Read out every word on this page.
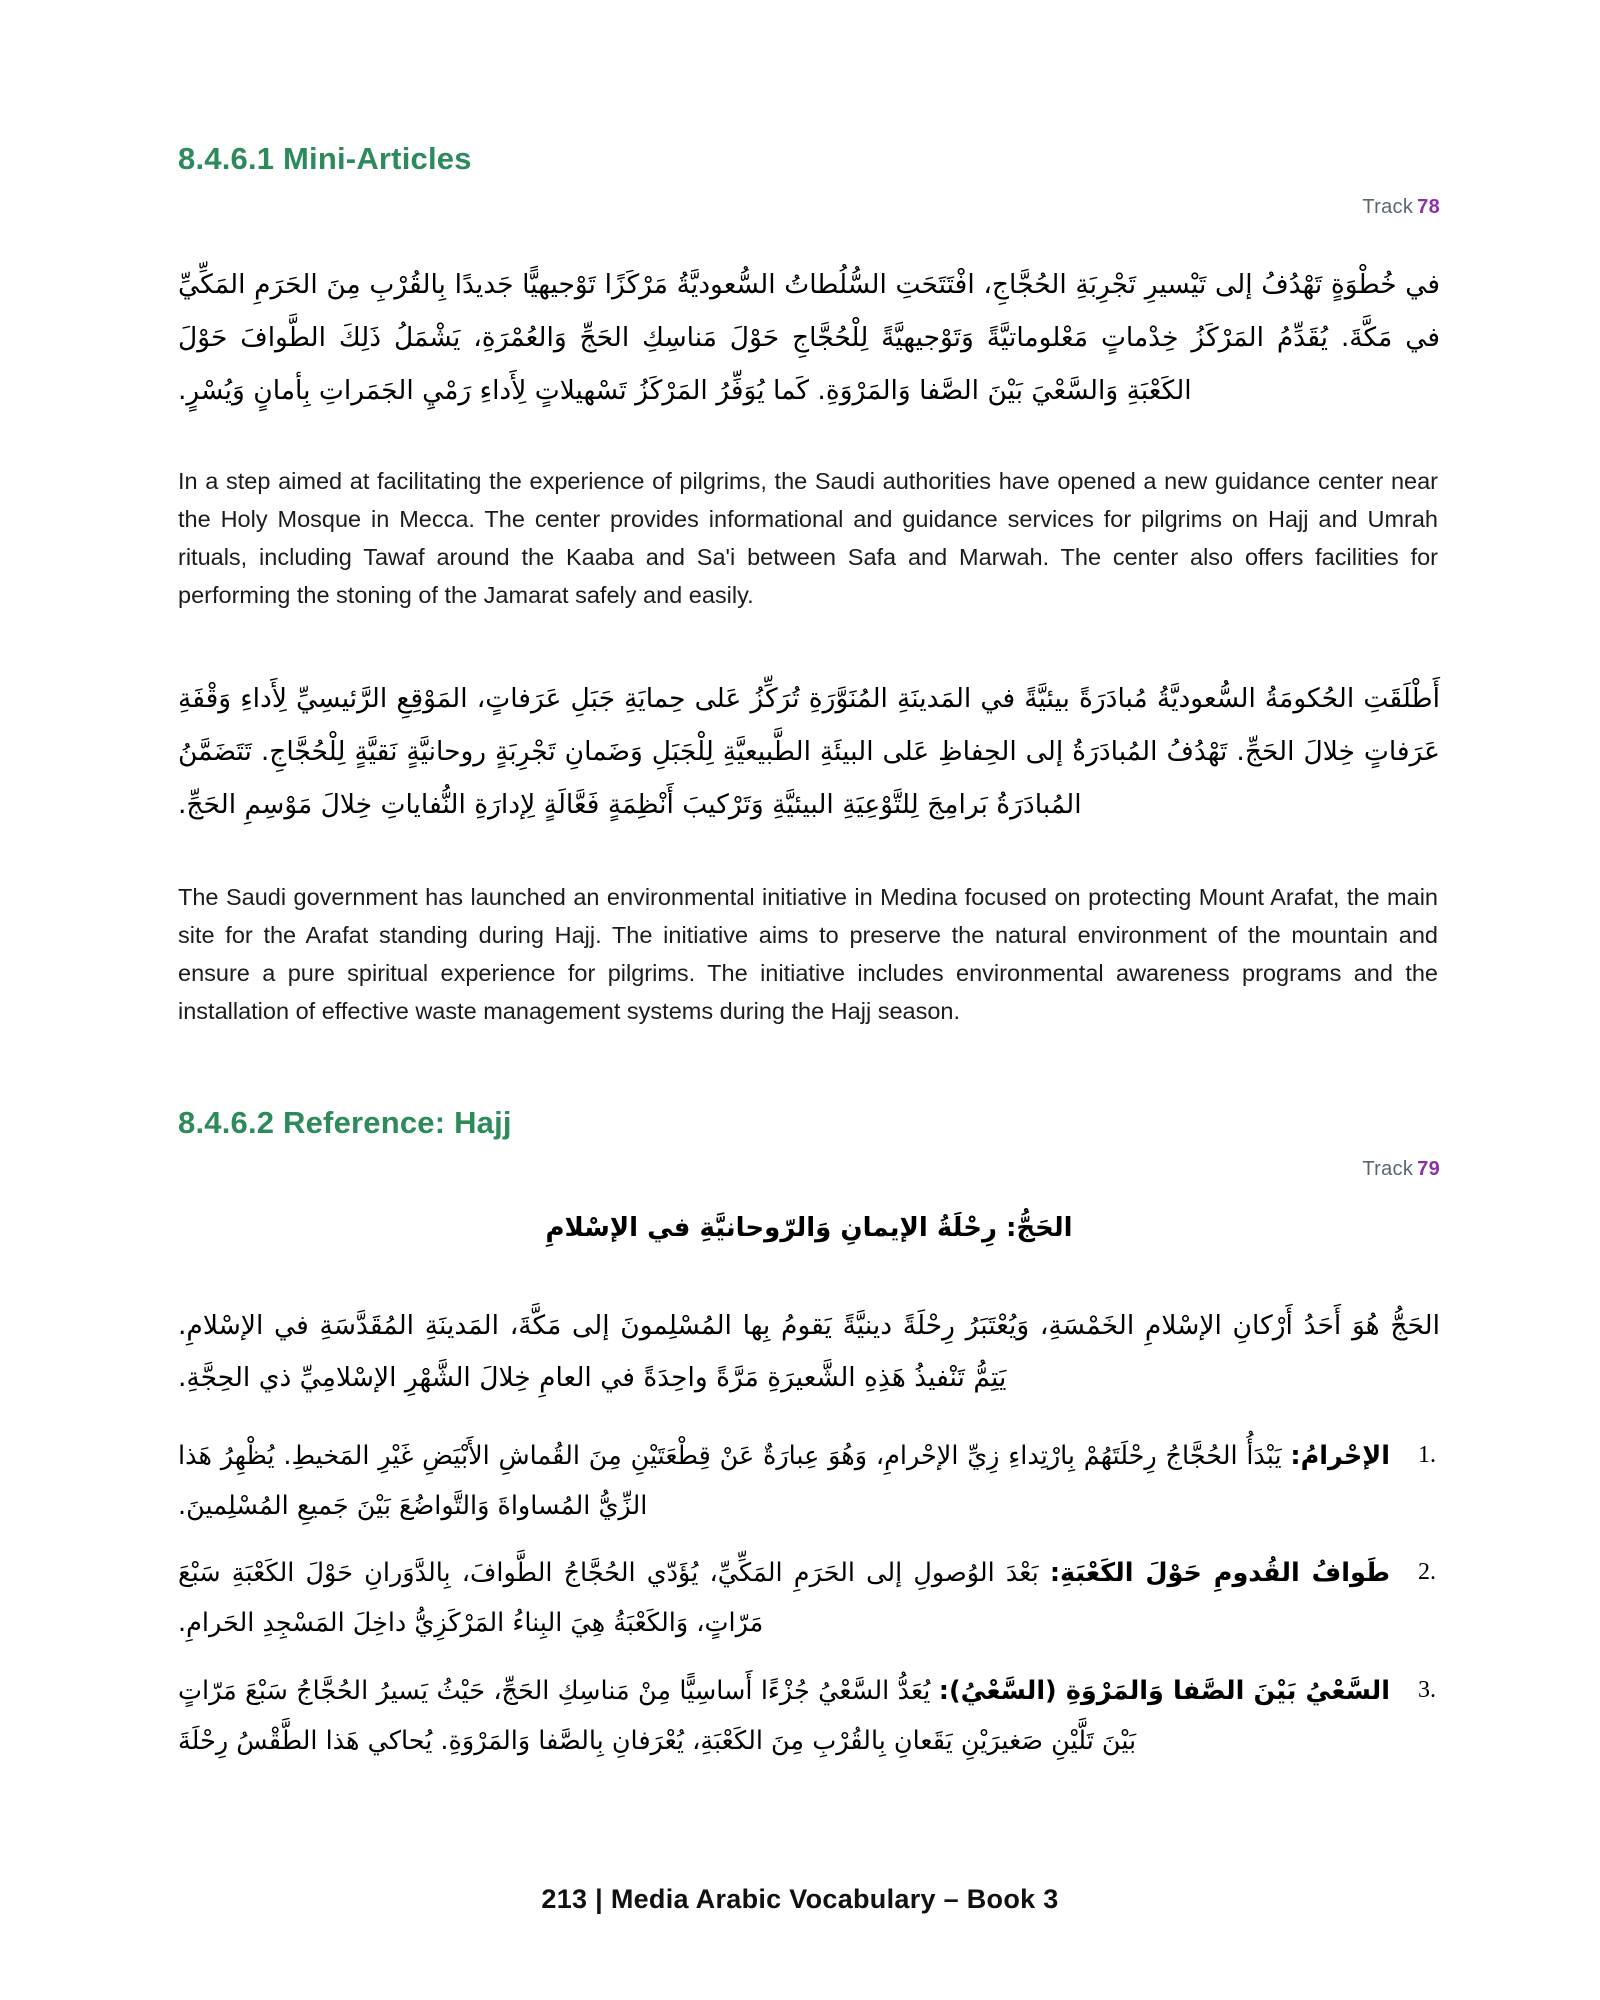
8.4.6.1 Mini-Articles

Track 78

في خُطْوَةٍ تَهْدُفُ إلى تَيْسيرِ تَجْرِبَةِ الحُجَّاجِ، افْتَتَحَتِ السُّلُطاتُ السُّعوديَّةُ مَرْكَزًا تَوْجيهيًّا جَديدًا بِالقُرْبِ مِنَ الحَرَمِ المَكِّيِّ في مَكَّةَ. يُقَدِّمُ المَرْكَزُ خِدْماتٍ مَعْلوماتيَّةً وَتَوْجيهيَّةً لِلْحُجَّاجِ حَوْلَ مَناسِكِ الحَجِّ وَالعُمْرَةِ، يَشْمَلُ ذَلِكَ الطَّوافَ حَوْلَ الكَعْبَةِ وَالسَّعْيَ بَيْنَ الصَّفا وَالمَرْوَةِ. كَما يُوَفِّرُ المَرْكَزُ تَسْهيلاتٍ لِأَداءِ رَمْيِ الجَمَراتِ بِأمانٍ وَيُسْرٍ.

In a step aimed at facilitating the experience of pilgrims, the Saudi authorities have opened a new guidance center near the Holy Mosque in Mecca. The center provides informational and guidance services for pilgrims on Hajj and Umrah rituals, including Tawaf around the Kaaba and Sa'i between Safa and Marwah. The center also offers facilities for performing the stoning of the Jamarat safely and easily.

أَطْلَقَتِ الحُكومَةُ السُّعوديَّةُ مُبادَرَةً بيئيَّةً في المَدينَةِ المُنَوَّرَةِ تُرَكِّزُ عَلى حِمايَةِ جَبَلِ عَرَفاتٍ، المَوْقِعِ الرَّئيسِيِّ لِأَداءِ وَقْفَةِ عَرَفاتٍ خِلالَ الحَجِّ. تَهْدُفُ المُبادَرَةُ إلى الحِفاظِ عَلى البيئَةِ الطَّبيعيَّةِ لِلْجَبَلِ وَضَمانِ تَجْرِبَةٍ روحانيَّةٍ نَقيَّةٍ لِلْحُجَّاجِ. تَتَضَمَّنُ المُبادَرَةُ بَرامِجَ لِلتَّوْعِيَةِ البيئيَّةِ وَتَرْكيبَ أَنْظِمَةٍ فَعَّالَةٍ لِإدارَةِ النُّفاياتِ خِلالَ مَوْسِمِ الحَجِّ.

The Saudi government has launched an environmental initiative in Medina focused on protecting Mount Arafat, the main site for the Arafat standing during Hajj. The initiative aims to preserve the natural environment of the mountain and ensure a pure spiritual experience for pilgrims. The initiative includes environmental awareness programs and the installation of effective waste management systems during the Hajj season.

8.4.6.2 Reference: Hajj

Track 79

الحَجُّ: رِحْلَةُ الإيمانِ وَالرّوحانيَّةِ في الإسْلامِ

الحَجُّ هُوَ أَحَدُ أَرْكانِ الإسْلامِ الخَمْسَةِ، وَيُعْتَبَرُ رِحْلَةً دينيَّةً يَقومُ بِها المُسْلِمونَ إلى مَكَّةَ، المَدينَةِ المُقَدَّسَةِ في الإسْلامِ. يَتِمُّ تَنْفيذُ هَذِهِ الشَّعيرَةِ مَرَّةً واحِدَةً في العامِ خِلالَ الشَّهْرِ الإسْلامِيِّ ذي الحِجَّةِ.

1.
الإحْرامُ: يَبْدَأُ الحُجَّاجُ رِحْلَتَهُمْ بِارْتِداءِ زِيِّ الإحْرامِ، وَهُوَ عِبارَةٌ عَنْ قِطْعَتَيْنِ مِنَ القُماشِ الأَبْيَضِ غَيْرِ المَخيطِ. يُظْهِرُ هَذا الزِّيُّ المُساواةَ وَالتَّواضُعَ بَيْنَ جَميعِ المُسْلِمينَ.
2.
طَوافُ القُدومِ حَوْلَ الكَعْبَةِ: بَعْدَ الوُصولِ إلى الحَرَمِ المَكِّيِّ، يُؤَدّي الحُجَّاجُ الطَّوافَ، بِالدَّوَرانِ حَوْلَ الكَعْبَةِ سَبْعَ مَرّاتٍ، وَالكَعْبَةُ هِيَ البِناءُ المَرْكَزِيُّ داخِلَ المَسْجِدِ الحَرامِ.
3.
السَّعْيُ بَيْنَ الصَّفا وَالمَرْوَةِ (السَّعْيُ): يُعَدُّ السَّعْيُ جُزْءًا أَساسِيًّا مِنْ مَناسِكِ الحَجِّ، حَيْثُ يَسيرُ الحُجَّاجُ سَبْعَ مَرّاتٍ بَيْنَ تَلَّيْنِ صَغيرَيْنِ يَقَعانِ بِالقُرْبِ مِنَ الكَعْبَةِ، يُعْرَفانِ بِالصَّفا وَالمَرْوَةِ. يُحاكي هَذا الطَّقْسُ رِحْلَةَ
213 | Media Arabic Vocabulary – Book 3
